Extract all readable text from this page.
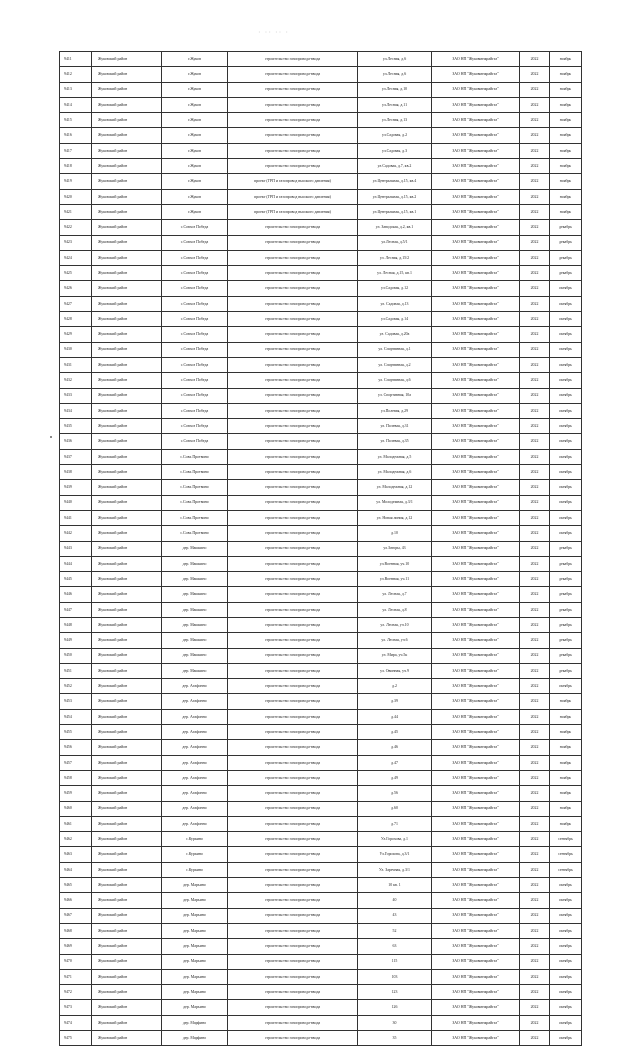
· ·· ·· ·
9411	Жуковский район	г.Жуков	строительство газопровода-ввода	ул.Лесная, д.6	ЗАО НП "Жуковмежрайгаз"	2022	ноябрь
9412	Жуковский район	г.Жуков	строительство газопровода-ввода	ул.Лесная, д.6	ЗАО НП "Жуковмежрайгаз"	2022	ноябрь
9413	Жуковский район	г.Жуков	строительство газопровода-ввода	ул.Лесная, д.10	ЗАО НП "Жуковмежрайгаз"	2022	ноябрь
9414	Жуковский район	г.Жуков	строительство газопровода-ввода	ул.Лесная, д.11	ЗАО НП "Жуковмежрайгаз"	2022	ноябрь
9415	Жуковский район	г.Жуков	строительство газопровода-ввода	ул.Лесная, д.13	ЗАО НП "Жуковмежрайгаз"	2022	ноябрь
9416	Жуковский район	г.Жуков	строительство газопровода-ввода	ул.Садовая, д.2	ЗАО НП "Жуковмежрайгаз"	2022	ноябрь
9417	Жуковский район	г.Жуков	строительство газопровода-ввода	ул.Садовая, д.3	ЗАО НП "Жуковмежрайгаз"	2022	ноябрь
9418	Жуковский район	г.Жуков	строительство газопровода-ввода	ул.Садовая, д.7, кв.2	ЗАО НП "Жуковмежрайгаз"	2022	ноябрь
9419	Жуковский район	г.Жуков	проект (ГРП и газопровод высокого давления)	ул.Центральная, д.15, кв.4	ЗАО НП "Жуковмежрайгаз"	2022	ноябрь
9420	Жуковский район	г.Жуков	проект (ГРП и газопровод высокого давления)	ул.Центральная, д.15, кв.2	ЗАО НП "Жуковмежрайгаз"	2022	ноябрь
9421	Жуковский район	г.Жуков	проект (ГРП и газопровод высокого давления)	ул.Центральная, д.15, кв.1	ЗАО НП "Жуковмежрайгаз"	2022	ноябрь
9422	Жуковский район	с.Совхоз Победа	строительство газопровода-ввода	ул. Заводская, д.2, кв.1	ЗАО НП "Жуковмежрайгаз"	2022	декабрь
9423	Жуковский район	с.Совхоз Победа	строительство газопровода-ввода	ул.Лесная, д.5/1	ЗАО НП "Жуковмежрайгаз"	2022	декабрь
9424	Жуковский район	с.Совхоз Победа	строительство газопровода-ввода	ул. Лесная, д.15/2	ЗАО НП "Жуковмежрайгаз"	2022	декабрь
9425	Жуковский район	с.Совхоз Победа	строительство газопровода-ввода	ул. Лесная, д.15, кв.1	ЗАО НП "Жуковмежрайгаз"	2022	декабрь
9426	Жуковский район	с.Совхоз Победа	строительство газопровода-ввода	ул.Садовая, д.12	ЗАО НП "Жуковмежрайгаз"	2022	октябрь
9427	Жуковский район	с.Совхоз Победа	строительство газопровода-ввода	ул. Садовая, д.13	ЗАО НП "Жуковмежрайгаз"	2022	октябрь
9428	Жуковский район	с.Совхоз Победа	строительство газопровода-ввода	ул.Садовая, д.14	ЗАО НП "Жуковмежрайгаз"	2022	октябрь
9429	Жуковский район	с.Совхоз Победа	строительство газопровода-ввода	ул. Садовая, д.20а	ЗАО НП "Жуковмежрайгаз"	2022	октябрь
9430	Жуковский район	с.Совхоз Победа	строительство газопровода-ввода	ул. Спортивная, д.1	ЗАО НП "Жуковмежрайгаз"	2022	октябрь
9431	Жуковский район	с.Совхоз Победа	строительство газопровода-ввода	ул. Спортивная, д.2	ЗАО НП "Жуковмежрайгаз"	2022	октябрь
9432	Жуковский район	с.Совхоз Победа	строительство газопровода-ввода	ул. Спортивная, д.6	ЗАО НП "Жуковмежрайгаз"	2022	октябрь
9433	Жуковский район	с.Совхоз Победа	строительство газопровода-ввода	ул. Спортивная, 10а	ЗАО НП "Жуковмежрайгаз"	2022	октябрь
9434	Жуковский район	с.Совхоз Победа	строительство газопровода-ввода	ул.Полевая, д.29	ЗАО НП "Жуковмежрайгаз"	2022	октябрь
9435	Жуковский район	с.Совхоз Победа	строительство газопровода-ввода	ул. Полевая, д.31	ЗАО НП "Жуковмежрайгаз"	2022	октябрь
9436	Жуковский район	с.Совхоз Победа	строительство газопровода-ввода	ул. Полевая, д.35	ЗАО НП "Жуковмежрайгаз"	2022	октябрь
9437	Жуковский район	с.Совх.Протвино	строительство газопровода-ввода	ул. Молодежная, д.5	ЗАО НП "Жуковмежрайгаз"	2022	октябрь
9438	Жуковский район	с.Совх.Протвино	строительство газопровода-ввода	ул. Молодежная, д.6	ЗАО НП "Жуковмежрайгаз"	2022	октябрь
9439	Жуковский район	с.Совх.Протвино	строительство газопровода-ввода	ул. Молодежная, д.12	ЗАО НП "Жуковмежрайгаз"	2022	октябрь
9440	Жуковский район	с.Совх.Протвино	строительство газопровода-ввода	ул. Молодежная, д.3/1	ЗАО НП "Жуковмежрайгаз"	2022	октябрь
9441	Жуковский район	с.Совх.Протвино	строительство газопровода-ввода	ул. Новая линия, д.12	ЗАО НП "Жуковмежрайгаз"	2022	октябрь
9442	Жуковский район	с.Совх.Протвино	строительство газопровода-ввода	д.10	ЗАО НП "Жуковмежрайгаз"	2022	октябрь
9443	Жуковский район	дер. Машкино	строительство газопровода-ввода	ул.Заторы, 43	ЗАО НП "Жуковмежрайгаз"	2022	декабрь
9444	Жуковский район	дер. Машкино	строительство газопровода-ввода	ул.Военная, уч.10	ЗАО НП "Жуковмежрайгаз"	2022	декабрь
9445	Жуковский район	дер. Машкино	строительство газопровода-ввода	ул.Военная, уч.11	ЗАО НП "Жуковмежрайгаз"	2022	декабрь
9446	Жуковский район	дер. Машкино	строительство газопровода-ввода	ул. Лесная, д.7	ЗАО НП "Жуковмежрайгаз"	2022	декабрь
9447	Жуковский район	дер. Машкино	строительство газопровода-ввода	ул. Лесная, д.8	ЗАО НП "Жуковмежрайгаз"	2022	декабрь
9448	Жуковский район	дер. Машкино	строительство газопровода-ввода	ул. Лесная, уч.10	ЗАО НП "Жуковмежрайгаз"	2022	декабрь
9449	Жуковский район	дер. Машкино	строительство газопровода-ввода	ул. Лесная, уч.6	ЗАО НП "Жуковмежрайгаз"	2022	декабрь
9450	Жуковский район	дер. Машкино	строительство газопровода-ввода	ул. Мира, уч.5к	ЗАО НП "Жуковмежрайгаз"	2022	декабрь
9451	Жуковский район	дер. Машкино	строительство газопровода-ввода	ул. Овинная, уч.9	ЗАО НП "Жуковмежрайгаз"	2022	декабрь
9452	Жуковский район	дер. Агафонно	строительство газопровода-ввода	д.2	ЗАО НП "Жуковмежрайгаз"	2022	октябрь
9453	Жуковский район	дер. Агафонно	строительство газопровода-ввода	д.39	ЗАО НП "Жуковмежрайгаз"	2022	ноябрь
9454	Жуковский район	дер. Агафонно	строительство газопровода-ввода	д.44	ЗАО НП "Жуковмежрайгаз"	2022	ноябрь
9455	Жуковский район	дер. Агафонно	строительство газопровода-ввода	д.45	ЗАО НП "Жуковмежрайгаз"	2022	ноябрь
9456	Жуковский район	дер. Агафонно	строительство газопровода-ввода	д.46	ЗАО НП "Жуковмежрайгаз"	2022	ноябрь
9457	Жуковский район	дер. Агафонно	строительство газопровода-ввода	д.47	ЗАО НП "Жуковмежрайгаз"	2022	ноябрь
9458	Жуковский район	дер. Агафонно	строительство газопровода-ввода	д.49	ЗАО НП "Жуковмежрайгаз"	2022	ноябрь
9459	Жуковский район	дер. Агафонно	строительство газопровода-ввода	д.56	ЗАО НП "Жуковмежрайгаз"	2022	ноябрь
9460	Жуковский район	дер. Агафонно	строительство газопровода-ввода	д.60	ЗАО НП "Жуковмежрайгаз"	2022	ноябрь
9461	Жуковский район	дер. Агафонно	строительство газопровода-ввода	д.71	ЗАО НП "Жуковмежрайгаз"	2022	ноябрь
9462	Жуковский район	с.Куркино	строительство газопровода-ввода	Ул.Горохова, д.1	ЗАО НП "Жуковмежрайгаз"	2022	сентябрь
9463	Жуковский район	с.Куркино	строительство газопровода-ввода	Ул.Горохова, д.3/1	ЗАО НП "Жуковмежрайгаз"	2022	сентябрь
9464	Жуковский район	с.Куркино	строительство газопровода-ввода	Ул. Заречная, д.3/1	ЗАО НП "Жуковмежрайгаз"	2022	сентябрь
9465	Жуковский район	дер. Марьино	строительство газопровода-ввода	10 кв. 1	ЗАО НП "Жуковмежрайгаз"	2022	октябрь
9466	Жуковский район	дер. Марьино	строительство газопровода-ввода	40	ЗАО НП "Жуковмежрайгаз"	2022	октябрь
9467	Жуковский район	дер. Марьино	строительство газопровода-ввода	43	ЗАО НП "Жуковмежрайгаз"	2022	октябрь
9468	Жуковский район	дер. Марьино	строительство газопровода-ввода	52	ЗАО НП "Жуковмежрайгаз"	2022	октябрь
9469	Жуковский район	дер. Марьино	строительство газопровода-ввода	63	ЗАО НП "Жуковмежрайгаз"	2022	октябрь
9470	Жуковский район	дер. Марьино	строительство газопровода-ввода	115	ЗАО НП "Жуковмежрайгаз"	2022	октябрь
9471	Жуковский район	дер. Марьино	строительство газопровода-ввода	103	ЗАО НП "Жуковмежрайгаз"	2022	октябрь
9472	Жуковский район	дер. Марьино	строительство газопровода-ввода	123	ЗАО НП "Жуковмежрайгаз"	2022	октябрь
9473	Жуковский район	дер. Марьино	строительство газопровода-ввода	126	ЗАО НП "Жуковмежрайгаз"	2022	октябрь
9474	Жуковский район	дер. Марфино	строительство газопровода-ввода	30	ЗАО НП "Жуковмежрайгаз"	2022	октябрь
9475	Жуковский район	дер. Марфино	строительство газопровода-ввода	35	ЗАО НП "Жуковмежрайгаз"	2022	октябрь
